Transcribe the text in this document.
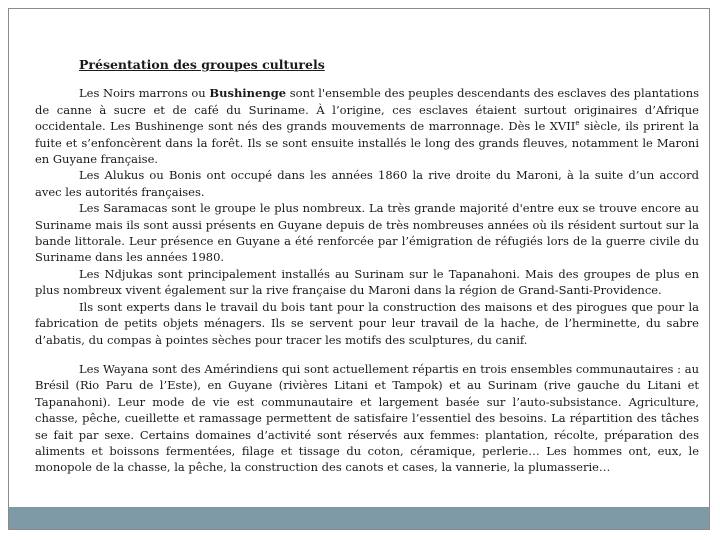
Présentation des groupes culturels

Les Noirs marrons ou Bushinenge sont l'ensemble des peuples descendants des esclaves des plantations de canne à sucre et de café du Suriname. À l’origine, ces esclaves étaient surtout originaires d’Afrique occidentale. Les Bushinenge sont nés des grands mouvements de marronnage. Dès le XVIIe siècle, ils prirent la fuite et s’enfoncèrent dans la forêt. Ils se sont ensuite installés le long des grands fleuves, notamment le Maroni en Guyane française.

Les Alukus ou Bonis ont occupé dans les années 1860 la rive droite du Maroni, à la suite d’un accord avec les autorités françaises.

Les Saramacas sont le groupe le plus nombreux. La très grande majorité d'entre eux se trouve encore au Suriname mais ils sont aussi présents en Guyane depuis de très nombreuses années où ils résident surtout sur la bande littorale. Leur présence en Guyane a été renforcée par l’émigration de réfugiés lors de la guerre civile du Suriname dans les années 1980.

Les Ndjukas sont principalement installés au Surinam sur le Tapanahoni. Mais des groupes de plus en plus nombreux vivent également sur la rive française du Maroni dans la région de Grand-Santi-Providence.

Ils sont experts dans le travail du bois tant pour la construction des maisons et des pirogues que pour la fabrication de petits objets ménagers. Ils se servent pour leur travail de la hache, de l’herminette, du sabre d’abatis, du compas à pointes sèches pour tracer les motifs des sculptures, du canif.

Les Wayana sont des Amérindiens qui sont actuellement répartis en trois ensembles communautaires : au Brésil (Rio Paru de l’Este), en Guyane (rivières Litani et Tampok) et au Surinam (rive gauche du Litani et Tapanahoni). Leur mode de vie est communautaire et largement basée sur l’auto-subsistance. Agriculture, chasse, pêche, cueillette et ramassage permettent de satisfaire l’essentiel des besoins. La répartition des tâches se fait par sexe. Certains domaines d’activité sont réservés aux femmes: plantation, récolte, préparation des aliments et boissons fermentées, filage et tissage du coton, céramique, perlerie… Les hommes ont, eux, le monopole de la chasse, la pêche, la construction des canots et cases, la vannerie, la plumasserie…
